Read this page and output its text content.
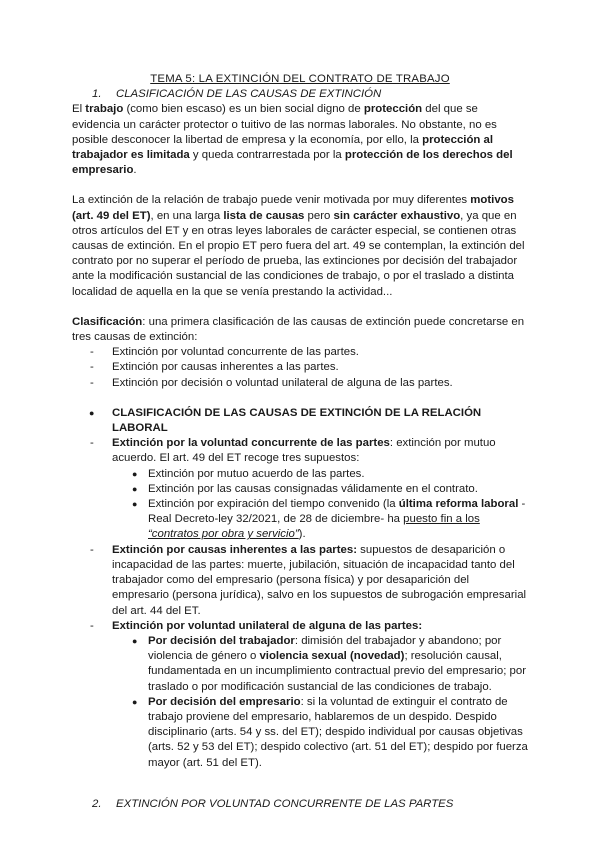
TEMA 5: LA EXTINCIÓN DEL CONTRATO DE TRABAJO
1. CLASIFICACIÓN DE LAS CAUSAS DE EXTINCIÓN

El trabajo (como bien escaso) es un bien social digno de protección del que se evidencia un carácter protector o tuitivo de las normas laborales. No obstante, no es posible desconocer la libertad de empresa y la economía, por ello, la protección al trabajador es limitada y queda contrarrestada por la protección de los derechos del empresario.

La extinción de la relación de trabajo puede venir motivada por muy diferentes motivos (art. 49 del ET), en una larga lista de causas pero sin carácter exhaustivo, ya que en otros artículos del ET y en otras leyes laborales de carácter especial, se contienen otras causas de extinción. En el propio ET pero fuera del art. 49 se contemplan, la extinción del contrato por no superar el período de prueba, las extinciones por decisión del trabajador ante la modificación sustancial de las condiciones de trabajo, o por el traslado a distinta localidad de aquella en la que se venía prestando la actividad...

Clasificación: una primera clasificación de las causas de extinción puede concretarse en tres causas de extinción:

- Extinción por voluntad concurrente de las partes.
- Extinción por causas inherentes a las partes.
- Extinción por decisión o voluntad unilateral de alguna de las partes.
● CLASIFICACIÓN DE LAS CAUSAS DE EXTINCIÓN DE LA RELACIÓN LABORAL
- Extinción por la voluntad concurrente de las partes: extinción por mutuo acuerdo. El art. 49 del ET recoge tres supuestos:
● Extinción por mutuo acuerdo de las partes.
● Extinción por las causas consignadas válidamente en el contrato.
● Extinción por expiración del tiempo convenido (la última reforma laboral -Real Decreto-ley 32/2021, de 28 de diciembre- ha puesto fin a los “contratos por obra y servicio”).
- Extinción por causas inherentes a las partes: supuestos de desaparición o incapacidad de las partes: muerte, jubilación, situación de incapacidad tanto del trabajador como del empresario (persona física) y por desaparición del empresario (persona jurídica), salvo en los supuestos de subrogación empresarial del art. 44 del ET.
- Extinción por voluntad unilateral de alguna de las partes:
● Por decisión del trabajador: dimisión del trabajador y abandono; por violencia de género o violencia sexual (novedad); resolución causal, fundamentada en un incumplimiento contractual previo del empresario; por traslado o por modificación sustancial de las condiciones de trabajo.
● Por decisión del empresario: si la voluntad de extinguir el contrato de trabajo proviene del empresario, hablaremos de un despido. Despido disciplinario (arts. 54 y ss. del ET); despido individual por causas objetivas (arts. 52 y 53 del ET); despido colectivo (art. 51 del ET); despido por fuerza mayor (art. 51 del ET).
2. EXTINCIÓN POR VOLUNTAD CONCURRENTE DE LAS PARTES
